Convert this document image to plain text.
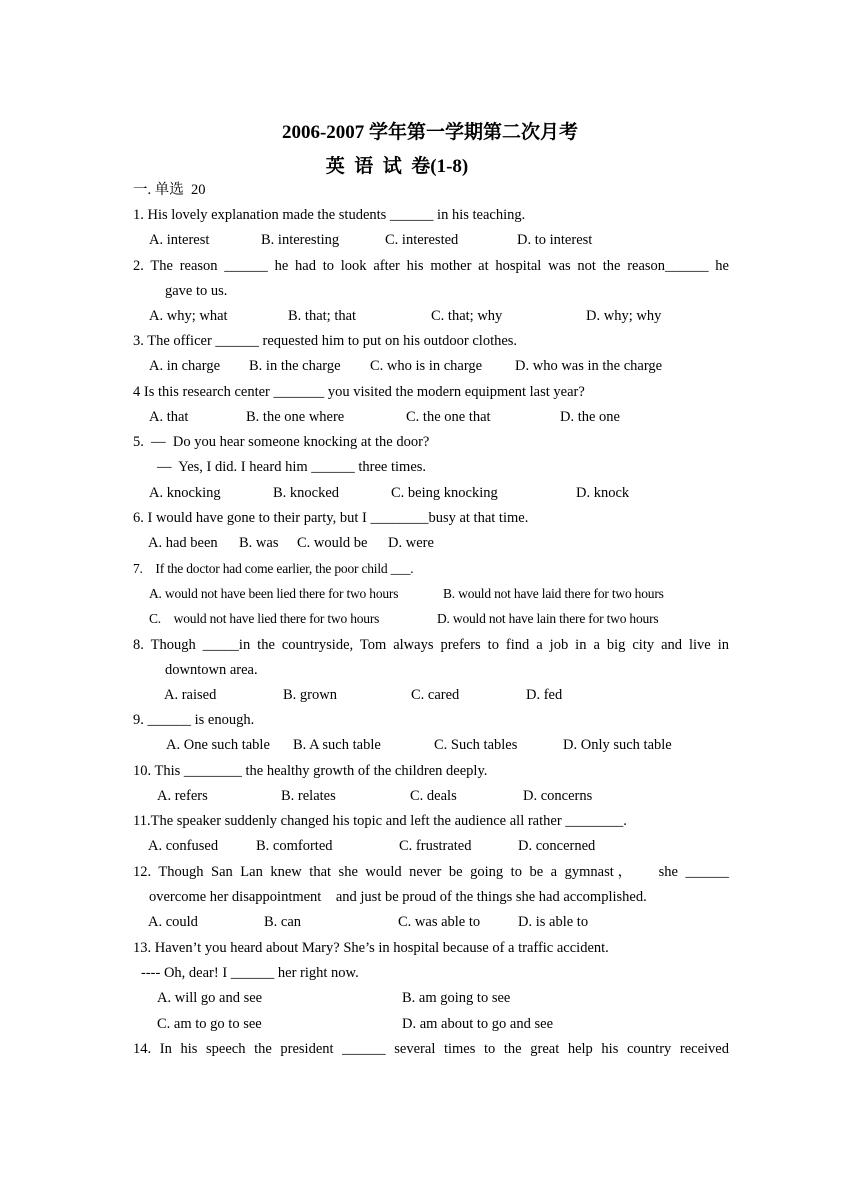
2006-2007 学年第一学期第二次月考
英  语  试  卷(1-8)
一. 单选  20
1. His lovely explanation made the students ______ in his teaching.
A. interest	B. interesting	C. interested	D. to interest
2. The reason ______ he had to look after his mother at hospital was not the reason______ he
gave to us.
A. why; what	B. that; that	C. that; why	D. why; why
3. The officer ______ requested him to put on his outdoor clothes.
A. in charge B. in the charge C. who is in charge D. who was in the charge
4 Is this research center _______ you visited the modern equipment last year?
A. that	B. the one where	C. the one that	D. the one
5.  —  Do you hear someone knocking at the door?
—  Yes, I did. I heard him ______ three times.
A. knocking	B. knocked	C. being knocking	D. knock
6. I would have gone to their party, but I ________busy at that time.
A. had been B. was C. would be D. were
7.    If the doctor had come earlier, the poor child ___.
A. would not have been lied there for two hours	B. would not have laid there for two hours
C.    would not have lied there for two hours	D. would not have lain there for two hours
8. Though _____in the countryside, Tom always prefers to find a job in a big city and live in
downtown area.
A. raised	B. grown	C. cared	D. fed
9. ______ is enough.
A. One such table B. A such table	C. Such tables	D. Only such table
10. This ________ the healthy growth of the children deeply.
A. refers	B. relates	C. deals	D. concerns
11.The speaker suddenly changed his topic and left the audience all rather ________.
A. confused	B. comforted	C. frustrated	D. concerned
12. Though San Lan knew that she would never be going to be a gymnast，   she ______
overcome her disappointment    and just be proud of the things she had accomplished.
A. could	B. can	C. was able to	D. is able to
13. Haven’t you heard about Mary? She’s in hospital because of a traffic accident.
---- Oh, dear! I ______ her right now.
A. will go and see	B. am going to see
C. am to go to see	D. am about to go and see
14. In his speech the president ______ several times to the great help his country received
